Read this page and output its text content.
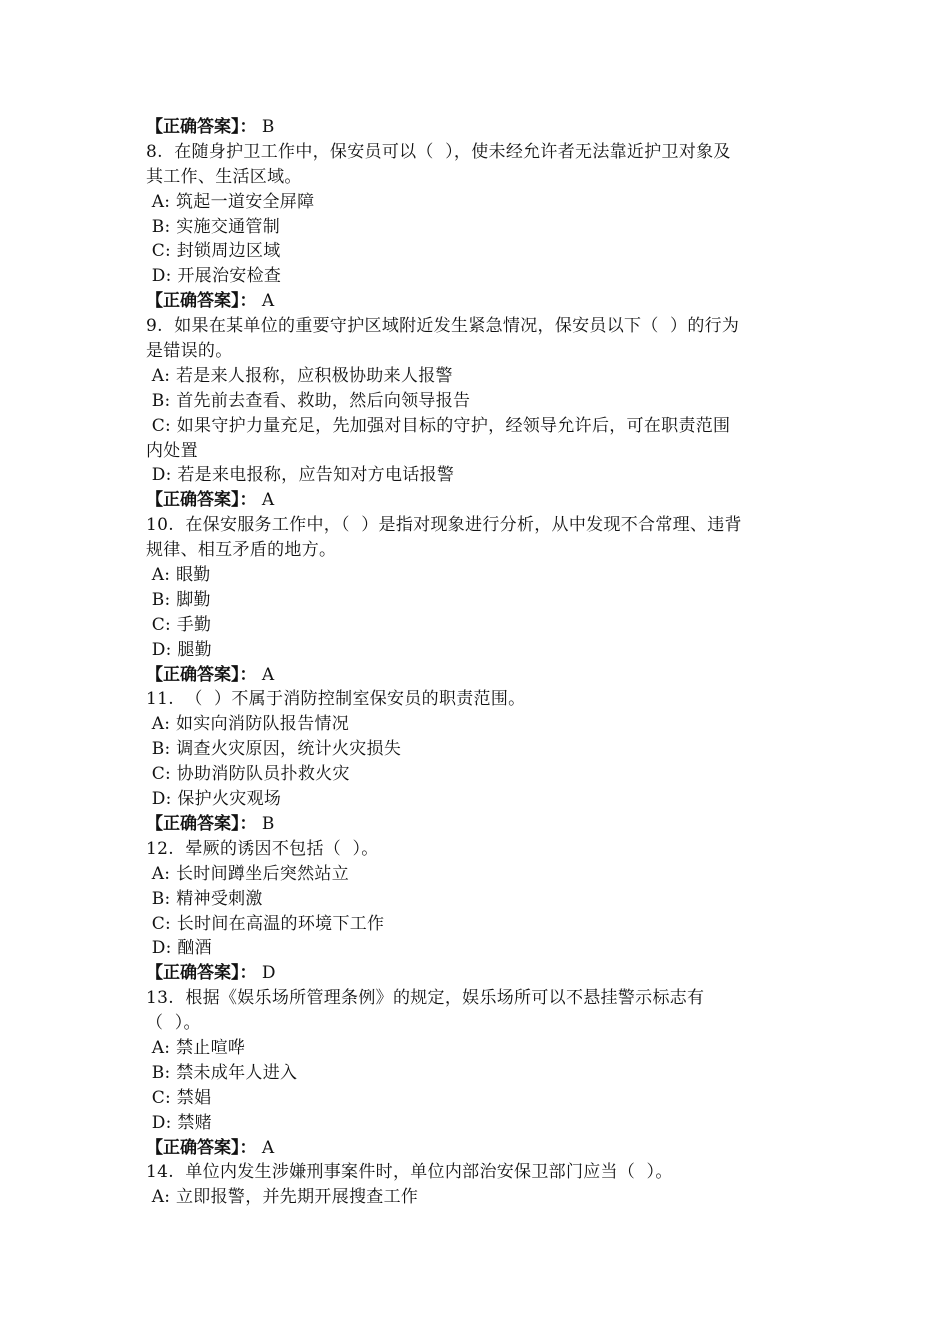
【正确答案】： B
8.  在随身护卫工作中，保安员可以（  ），使未经允许者无法靠近护卫对象及
其工作、生活区域。
A: 筑起一道安全屏障
B: 实施交通管制
C: 封锁周边区域
D: 开展治安检查
【正确答案】： A
9.  如果在某单位的重要守护区域附近发生紧急情况，保安员以下（  ）的行为
是错误的。
A: 若是来人报称，应积极协助来人报警
B: 首先前去查看、救助，然后向领导报告
C: 如果守护力量充足，先加强对目标的守护，经领导允许后，可在职责范围
内处置
D: 若是来电报称，应告知对方电话报警
【正确答案】： A
10.  在保安服务工作中，（  ）是指对现象进行分析，从中发现不合常理、违背
规律、相互矛盾的地方。
A: 眼勤
B: 脚勤
C: 手勤
D: 腿勤
【正确答案】： A
11.  （  ）不属于消防控制室保安员的职责范围。
A: 如实向消防队报告情况
B: 调查火灾原因，统计火灾损失
C: 协助消防队员扑救火灾
D: 保护火灾观场
【正确答案】： B
12.  晕厥的诱因不包括（  ）。
A: 长时间蹲坐后突然站立
B: 精神受刺激
C: 长时间在高温的环境下工作
D: 酗酒
【正确答案】： D
13.  根据《娱乐场所管理条例》的规定，娱乐场所可以不悬挂警示标志有
（  ）。
A: 禁止喧哗
B: 禁未成年人进入
C: 禁娼
D: 禁赌
【正确答案】： A
14.  单位内发生涉嫌刑事案件时，单位内部治安保卫部门应当（  ）。
A: 立即报警，并先期开展搜查工作
